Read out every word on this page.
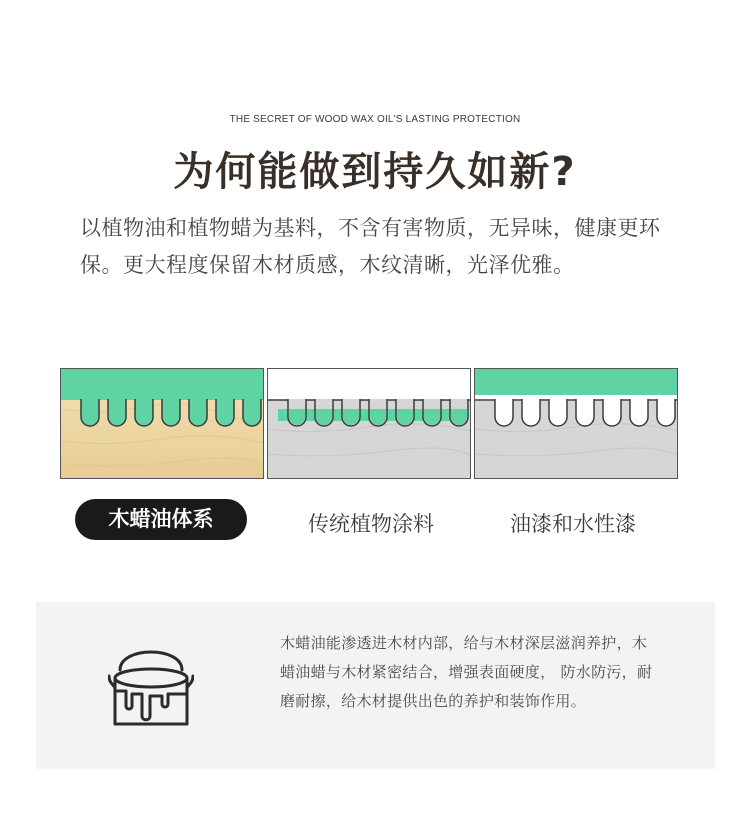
THE SECRET OF WOOD WAX OIL'S LASTING PROTECTION
为何能做到持久如新?
以植物油和植物蜡为基料，不含有害物质，无异味，健康更环保。更大程度保留木材质感，木纹清晰，光泽优雅。
木蜡油体系	传统植物涂料	油漆和水性漆
木蜡油能渗透进木材内部，给与木材深层滋润养护，木蜡油蜡与木材紧密结合，增强表面硬度， 防水防污，耐磨耐擦，给木材提供出色的养护和装饰作用。
